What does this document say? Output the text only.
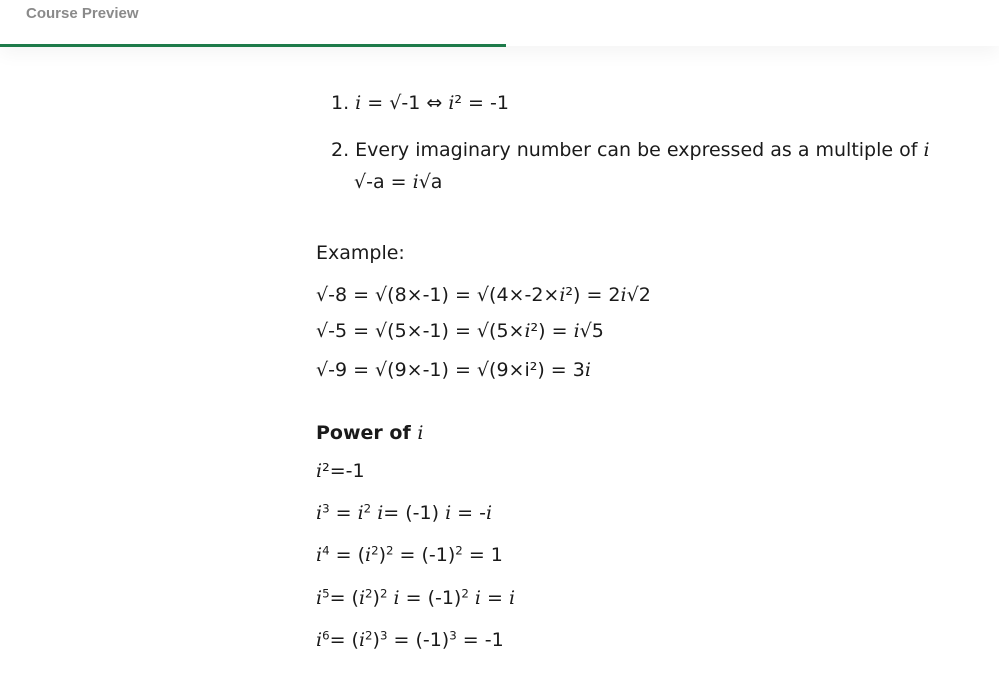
Course Preview
1. i = √-1 ⇔ i² = -1
2. Every imaginary number can be expressed as a multiple of i
√-a = i√a
Example:
√-8 = √(8×-1) = √(4×-2×i²) = 2i√2
√-5 = √(5×-1) = √(5×i²) = i√5
√-9 = √(9×-1) = √(9×i²) = 3i
Power of i
i²=-1
$i^3 = i^2$ i= (-1) i = -i
$i^4 = (i^2)^2 = (-1)^2 = 1$
$i^5= (i^2)^2$ $i = (-1)^2$ i = i
$i^6= (i^2)^3 = (-1)^3 = -1$
